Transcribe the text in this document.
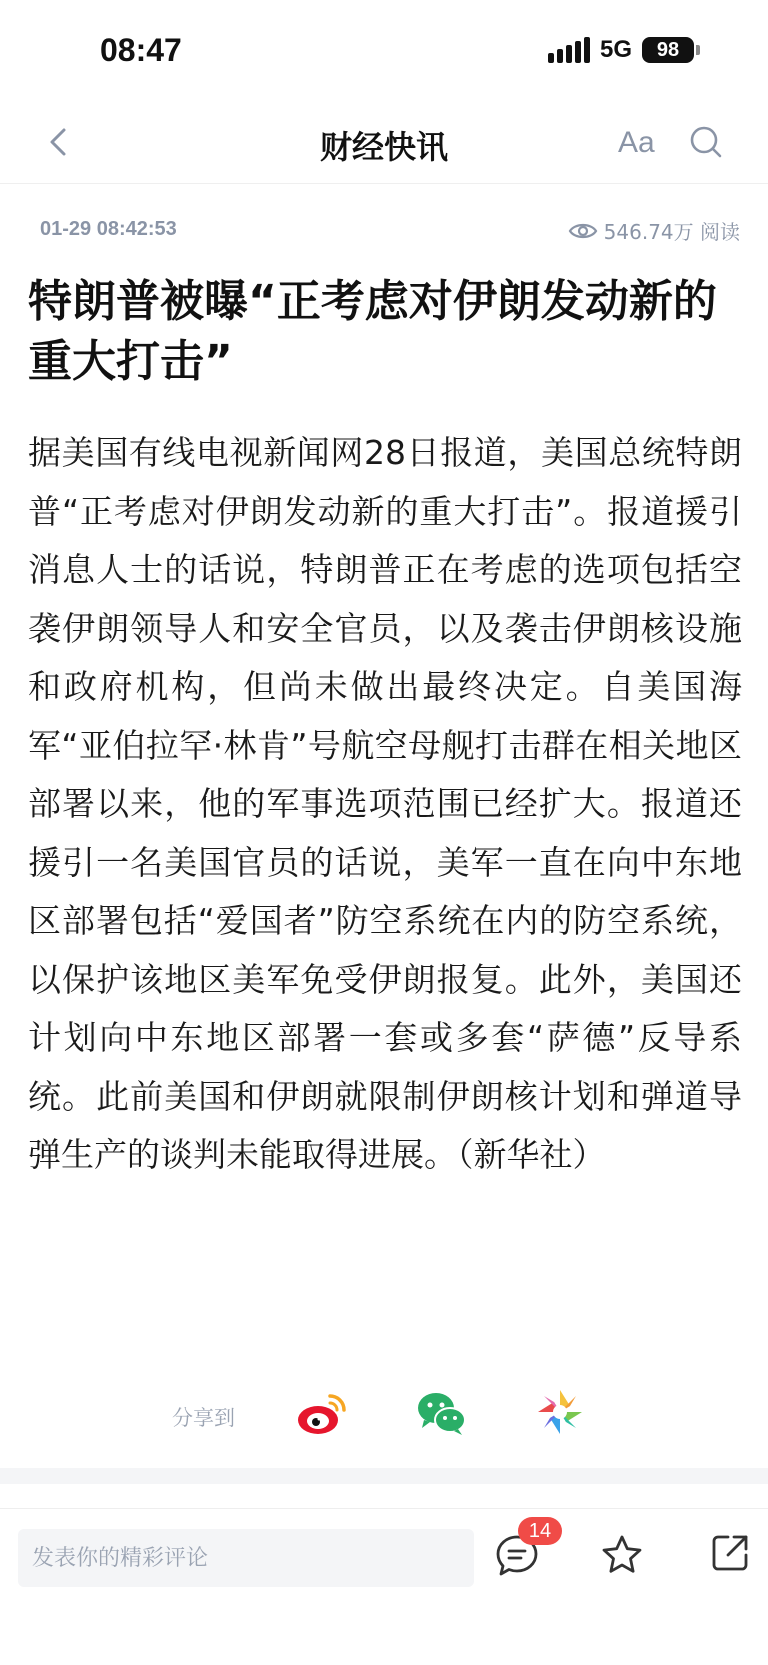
08:47	5G	98
财经快讯	Aa
01-29 08:42:53	546.74万 阅读
特朗普被曝“正考虑对伊朗发动新的重大打击”
据美国有线电视新闻网28日报道，美国总统特朗普“正考虑对伊朗发动新的重大打击”。报道援引消息人士的话说，特朗普正在考虑的选项包括空袭伊朗领导人和安全官员，以及袭击伊朗核设施和政府机构，但尚未做出最终决定。自美国海军“亚伯拉罕·林肯”号航空母舰打击群在相关地区部署以来，他的军事选项范围已经扩大。报道还援引一名美国官员的话说，美军一直在向中东地区部署包括“爱国者”防空系统在内的防空系统，以保护该地区美军免受伊朗报复。此外，美国还计划向中东地区部署一套或多套“萨德”反导系统。此前美国和伊朗就限制伊朗核计划和弹道导弹生产的谈判未能取得进展。（新华社）
分享到
发表你的精彩评论
14
